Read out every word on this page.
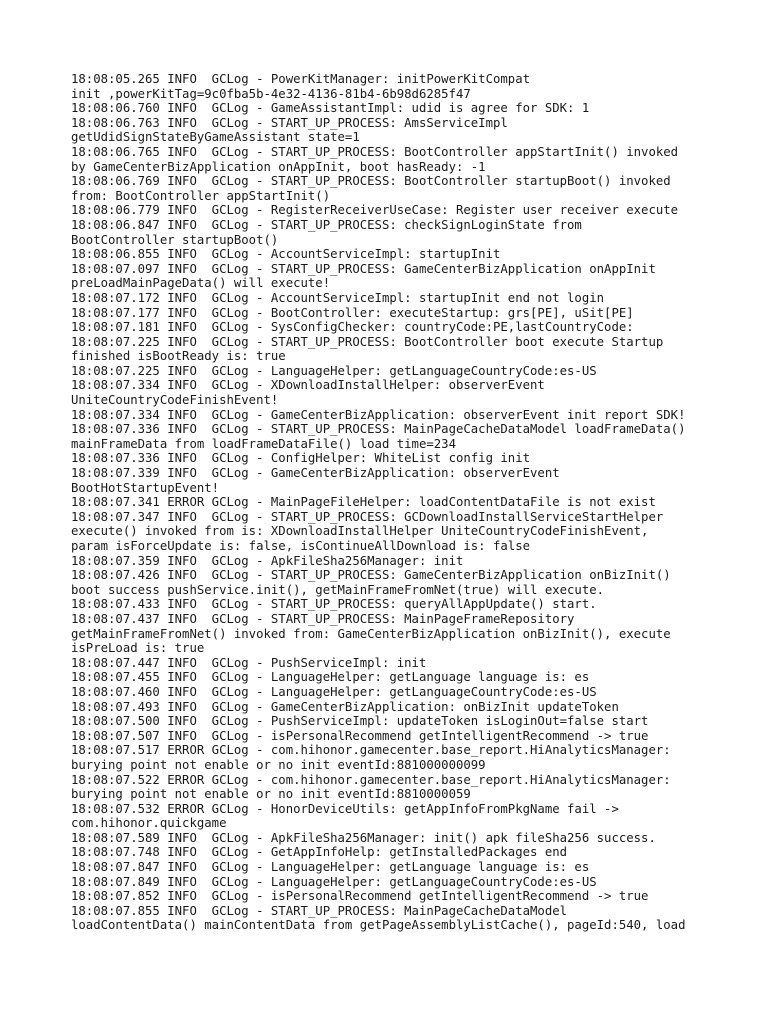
18:08:05.265 INFO  GCLog - PowerKitManager: initPowerKitCompat
init ,powerKitTag=9c0fba5b-4e32-4136-81b4-6b98d6285f47
18:08:06.760 INFO  GCLog - GameAssistantImpl: udid is agree for SDK: 1
18:08:06.763 INFO  GCLog - START_UP_PROCESS: AmsServiceImpl
getUdidSignStateByGameAssistant state=1
18:08:06.765 INFO  GCLog - START_UP_PROCESS: BootController appStartInit() invoked
by GameCenterBizApplication onAppInit, boot hasReady: -1
18:08:06.769 INFO  GCLog - START_UP_PROCESS: BootController startupBoot() invoked
from: BootController appStartInit()
18:08:06.779 INFO  GCLog - RegisterReceiverUseCase: Register user receiver execute
18:08:06.847 INFO  GCLog - START_UP_PROCESS: checkSignLoginState from
BootController startupBoot()
18:08:06.855 INFO  GCLog - AccountServiceImpl: startupInit
18:08:07.097 INFO  GCLog - START_UP_PROCESS: GameCenterBizApplication onAppInit
preLoadMainPageData() will execute!
18:08:07.172 INFO  GCLog - AccountServiceImpl: startupInit end not login
18:08:07.177 INFO  GCLog - BootController: executeStartup: grs[PE], uSit[PE]
18:08:07.181 INFO  GCLog - SysConfigChecker: countryCode:PE,lastCountryCode:
18:08:07.225 INFO  GCLog - START_UP_PROCESS: BootController boot execute Startup
finished isBootReady is: true
18:08:07.225 INFO  GCLog - LanguageHelper: getLanguageCountryCode:es-US
18:08:07.334 INFO  GCLog - XDownloadInstallHelper: observerEvent
UniteCountryCodeFinishEvent!
18:08:07.334 INFO  GCLog - GameCenterBizApplication: observerEvent init report SDK!
18:08:07.336 INFO  GCLog - START_UP_PROCESS: MainPageCacheDataModel loadFrameData()
mainFrameData from loadFrameDataFile() load time=234
18:08:07.336 INFO  GCLog - ConfigHelper: WhiteList config init
18:08:07.339 INFO  GCLog - GameCenterBizApplication: observerEvent
BootHotStartupEvent!
18:08:07.341 ERROR GCLog - MainPageFileHelper: loadContentDataFile is not exist
18:08:07.347 INFO  GCLog - START_UP_PROCESS: GCDownloadInstallServiceStartHelper
execute() invoked from is: XDownloadInstallHelper UniteCountryCodeFinishEvent,
param isForceUpdate is: false, isContinueAllDownload is: false
18:08:07.359 INFO  GCLog - ApkFileSha256Manager: init
18:08:07.426 INFO  GCLog - START_UP_PROCESS: GameCenterBizApplication onBizInit()
boot success pushService.init(), getMainFrameFromNet(true) will execute.
18:08:07.433 INFO  GCLog - START_UP_PROCESS: queryAllAppUpdate() start.
18:08:07.437 INFO  GCLog - START_UP_PROCESS: MainPageFrameRepository
getMainFrameFromNet() invoked from: GameCenterBizApplication onBizInit(), execute
isPreLoad is: true
18:08:07.447 INFO  GCLog - PushServiceImpl: init
18:08:07.455 INFO  GCLog - LanguageHelper: getLanguage language is: es
18:08:07.460 INFO  GCLog - LanguageHelper: getLanguageCountryCode:es-US
18:08:07.493 INFO  GCLog - GameCenterBizApplication: onBizInit updateToken
18:08:07.500 INFO  GCLog - PushServiceImpl: updateToken isLoginOut=false start
18:08:07.507 INFO  GCLog - isPersonalRecommend getIntelligentRecommend -> true
18:08:07.517 ERROR GCLog - com.hihonor.gamecenter.base_report.HiAnalyticsManager:
burying point not enable or no init eventId:881000000099
18:08:07.522 ERROR GCLog - com.hihonor.gamecenter.base_report.HiAnalyticsManager:
burying point not enable or no init eventId:8810000059
18:08:07.532 ERROR GCLog - HonorDeviceUtils: getAppInfoFromPkgName fail ->
com.hihonor.quickgame
18:08:07.589 INFO  GCLog - ApkFileSha256Manager: init() apk fileSha256 success.
18:08:07.748 INFO  GCLog - GetAppInfoHelp: getInstalledPackages end
18:08:07.847 INFO  GCLog - LanguageHelper: getLanguage language is: es
18:08:07.849 INFO  GCLog - LanguageHelper: getLanguageCountryCode:es-US
18:08:07.852 INFO  GCLog - isPersonalRecommend getIntelligentRecommend -> true
18:08:07.855 INFO  GCLog - START_UP_PROCESS: MainPageCacheDataModel
loadContentData() mainContentData from getPageAssemblyListCache(), pageId:540, load
